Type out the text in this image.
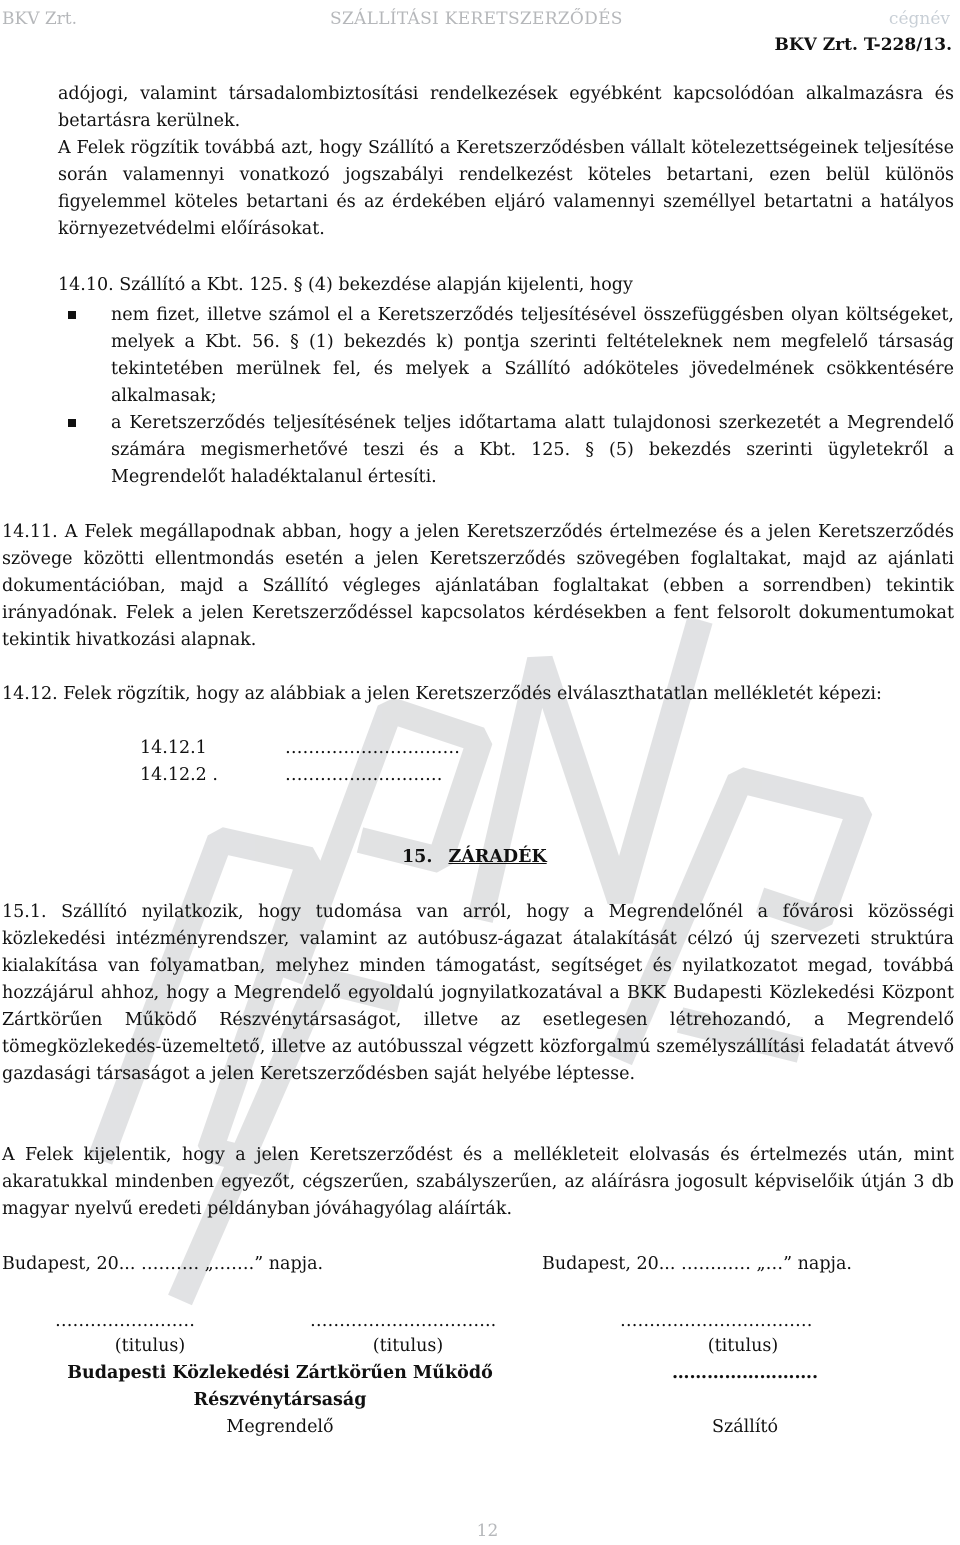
BKV Zrt.	SZÁLLÍTÁSI KERETSZERZŐDÉS	cégnév
BKV Zrt. T-228/13.

adójogi, valamint társadalombiztosítási rendelkezések egyébként kapcsolódóan alkalmazásra és betartásra kerülnek.

A Felek rögzítik továbbá azt, hogy Szállító a Keretszerződésben vállalt kötelezettségeinek teljesítése során valamennyi vonatkozó jogszabályi rendelkezést köteles betartani, ezen belül különös figyelemmel köteles betartani és az érdekében eljáró valamennyi személlyel betartatni a hatályos környezetvédelmi előírásokat.

14.10. Szállító a Kbt. 125. § (4) bekezdése alapján kijelenti, hogy

nem fizet, illetve számol el a Keretszerződés teljesítésével összefüggésben olyan költségeket, melyek a Kbt. 56. § (1) bekezdés k) pontja szerinti feltételeknek nem megfelelő társaság tekintetében merülnek fel, és melyek a Szállító adóköteles jövedelmének csökkentésére alkalmasak;
a Keretszerződés teljesítésének teljes időtartama alatt tulajdonosi szerkezetét a Megrendelő számára megismerhetővé teszi és a Kbt. 125. § (5) bekezdés szerinti ügyletekről a Megrendelőt haladéktalanul értesíti.

14.11. A Felek megállapodnak abban, hogy a jelen Keretszerződés értelmezése és a jelen Keretszerződés szövege közötti ellentmondás esetén a jelen Keretszerződés szövegében foglaltakat, majd az ajánlati dokumentációban, majd a Szállító végleges ajánlatában foglaltakat (ebben a sorrendben) tekintik irányadónak. Felek a jelen Keretszerződéssel kapcsolatos kérdésekben a fent felsorolt dokumentumokat tekintik hivatkozási alapnak.

14.12. Felek rögzítik, hogy az alábbiak a jelen Keretszerződés elválaszthatatlan mellékletét képezi:

14.12.1	…………………………
14.12.2 .	………………………
15. ZÁRADÉK

15.1. Szállító nyilatkozik, hogy tudomása van arról, hogy a Megrendelőnél a fővárosi közösségi közlekedési intézményrendszer, valamint az autóbusz-ágazat átalakítását célzó új szervezeti struktúra kialakítása van folyamatban, melyhez minden támogatást, segítséget és nyilatkozatot megad, továbbá hozzájárul ahhoz, hogy a Megrendelő egyoldalú jognyilatkozatával a BKK Budapesti Közlekedési Központ Zártkörűen Működő Részvénytársaságot, illetve az esetlegesen létrehozandó, a Megrendelő tömegközlekedés-üzemeltető, illetve az autóbusszal végzett közforgalmú személyszállítási feladatát átvevő gazdasági társaságot a jelen Keretszerződésben saját helyébe léptesse.

A Felek kijelentik, hogy a jelen Keretszerződést és a mellékleteit elolvasás és értelmezés után, mint akaratukkal mindenben egyezőt, cégszerűen, szabályszerűen, az aláírásra jogosult képviselőik útján 3 db magyar nyelvű eredeti példányban jóváhagyólag aláírták.

Budapest, 20... ………. „…….” napja.	Budapest, 20... ………… „…” napja.
……………………	…………………………..	……………………………
(titulus)	(titulus)	(titulus)
Budapesti Közlekedési Zártkörűen Működő Részvénytársaság
…………………….
Megrendelő	Szállító
12
